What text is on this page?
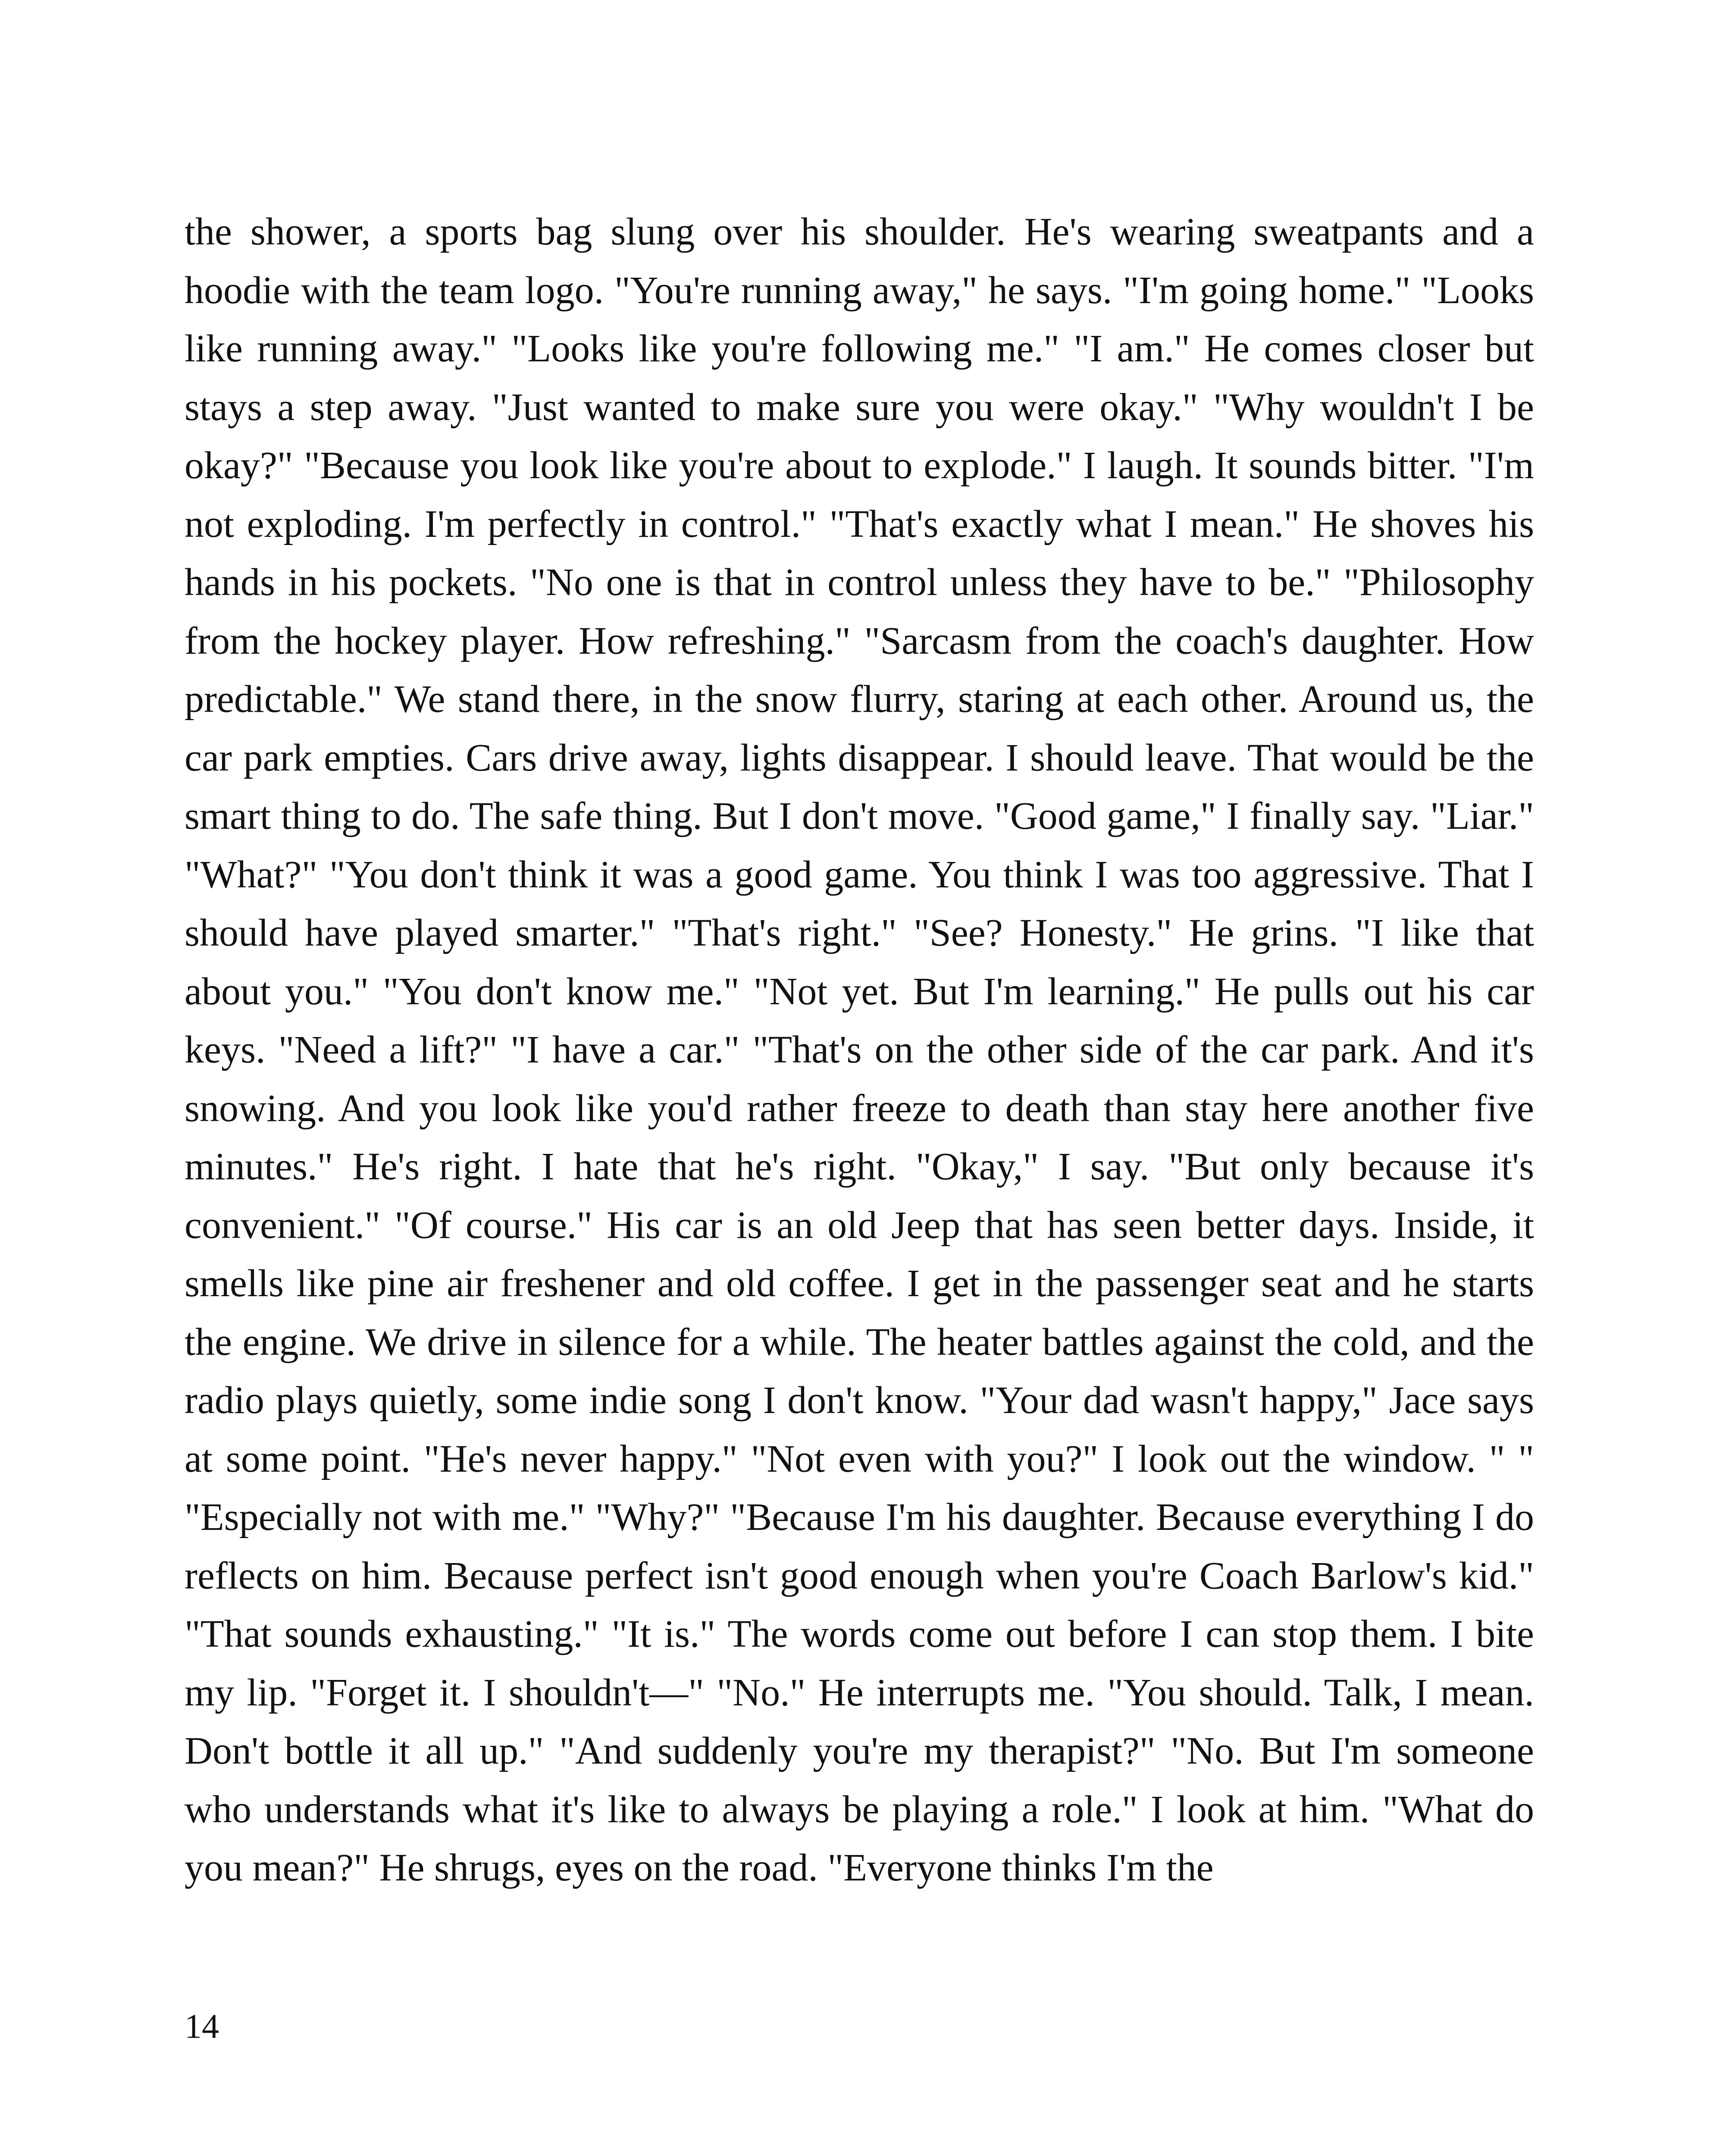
the shower, a sports bag slung over his shoulder. He's wearing sweatpants and a hoodie with the team logo. "You're running away," he says. "I'm going home." "Looks like running away." "Looks like you're following me." "I am." He comes closer but stays a step away. "Just wanted to make sure you were okay." "Why wouldn't I be okay?" "Because you look like you're about to explode." I laugh. It sounds bitter. "I'm not exploding. I'm perfectly in control." "That's exactly what I mean." He shoves his hands in his pockets. "No one is that in control unless they have to be." "Philosophy from the hockey player. How refreshing." "Sarcasm from the coach's daughter. How predictable." We stand there, in the snow flurry, staring at each other. Around us, the car park empties. Cars drive away, lights disappear. I should leave. That would be the smart thing to do. The safe thing. But I don't move. "Good game," I finally say. "Liar." "What?" "You don't think it was a good game. You think I was too aggressive. That I should have played smarter." "That's right." "See? Honesty." He grins. "I like that about you." "You don't know me." "Not yet. But I'm learning." He pulls out his car keys. "Need a lift?" "I have a car." "That's on the other side of the car park. And it's snowing. And you look like you'd rather freeze to death than stay here another five minutes." He's right. I hate that he's right. "Okay," I say. "But only because it's convenient." "Of course." His car is an old Jeep that has seen better days. Inside, it smells like pine air freshener and old coffee. I get in the passenger seat and he starts the engine. We drive in silence for a while. The heater battles against the cold, and the radio plays quietly, some indie song I don't know. "Your dad wasn't happy," Jace says at some point. "He's never happy." "Not even with you?" I look out the window. " " "Especially not with me." "Why?" "Because I'm his daughter. Because everything I do reflects on him. Because perfect isn't good enough when you're Coach Barlow's kid." "That sounds exhausting." "It is." The words come out before I can stop them. I bite my lip. "Forget it. I shouldn't—" "No." He interrupts me. "You should. Talk, I mean. Don't bottle it all up." "And suddenly you're my therapist?" "No. But I'm someone who understands what it's like to always be playing a role." I look at him. "What do you mean?" He shrugs, eyes on the road. "Everyone thinks I'm the

14
